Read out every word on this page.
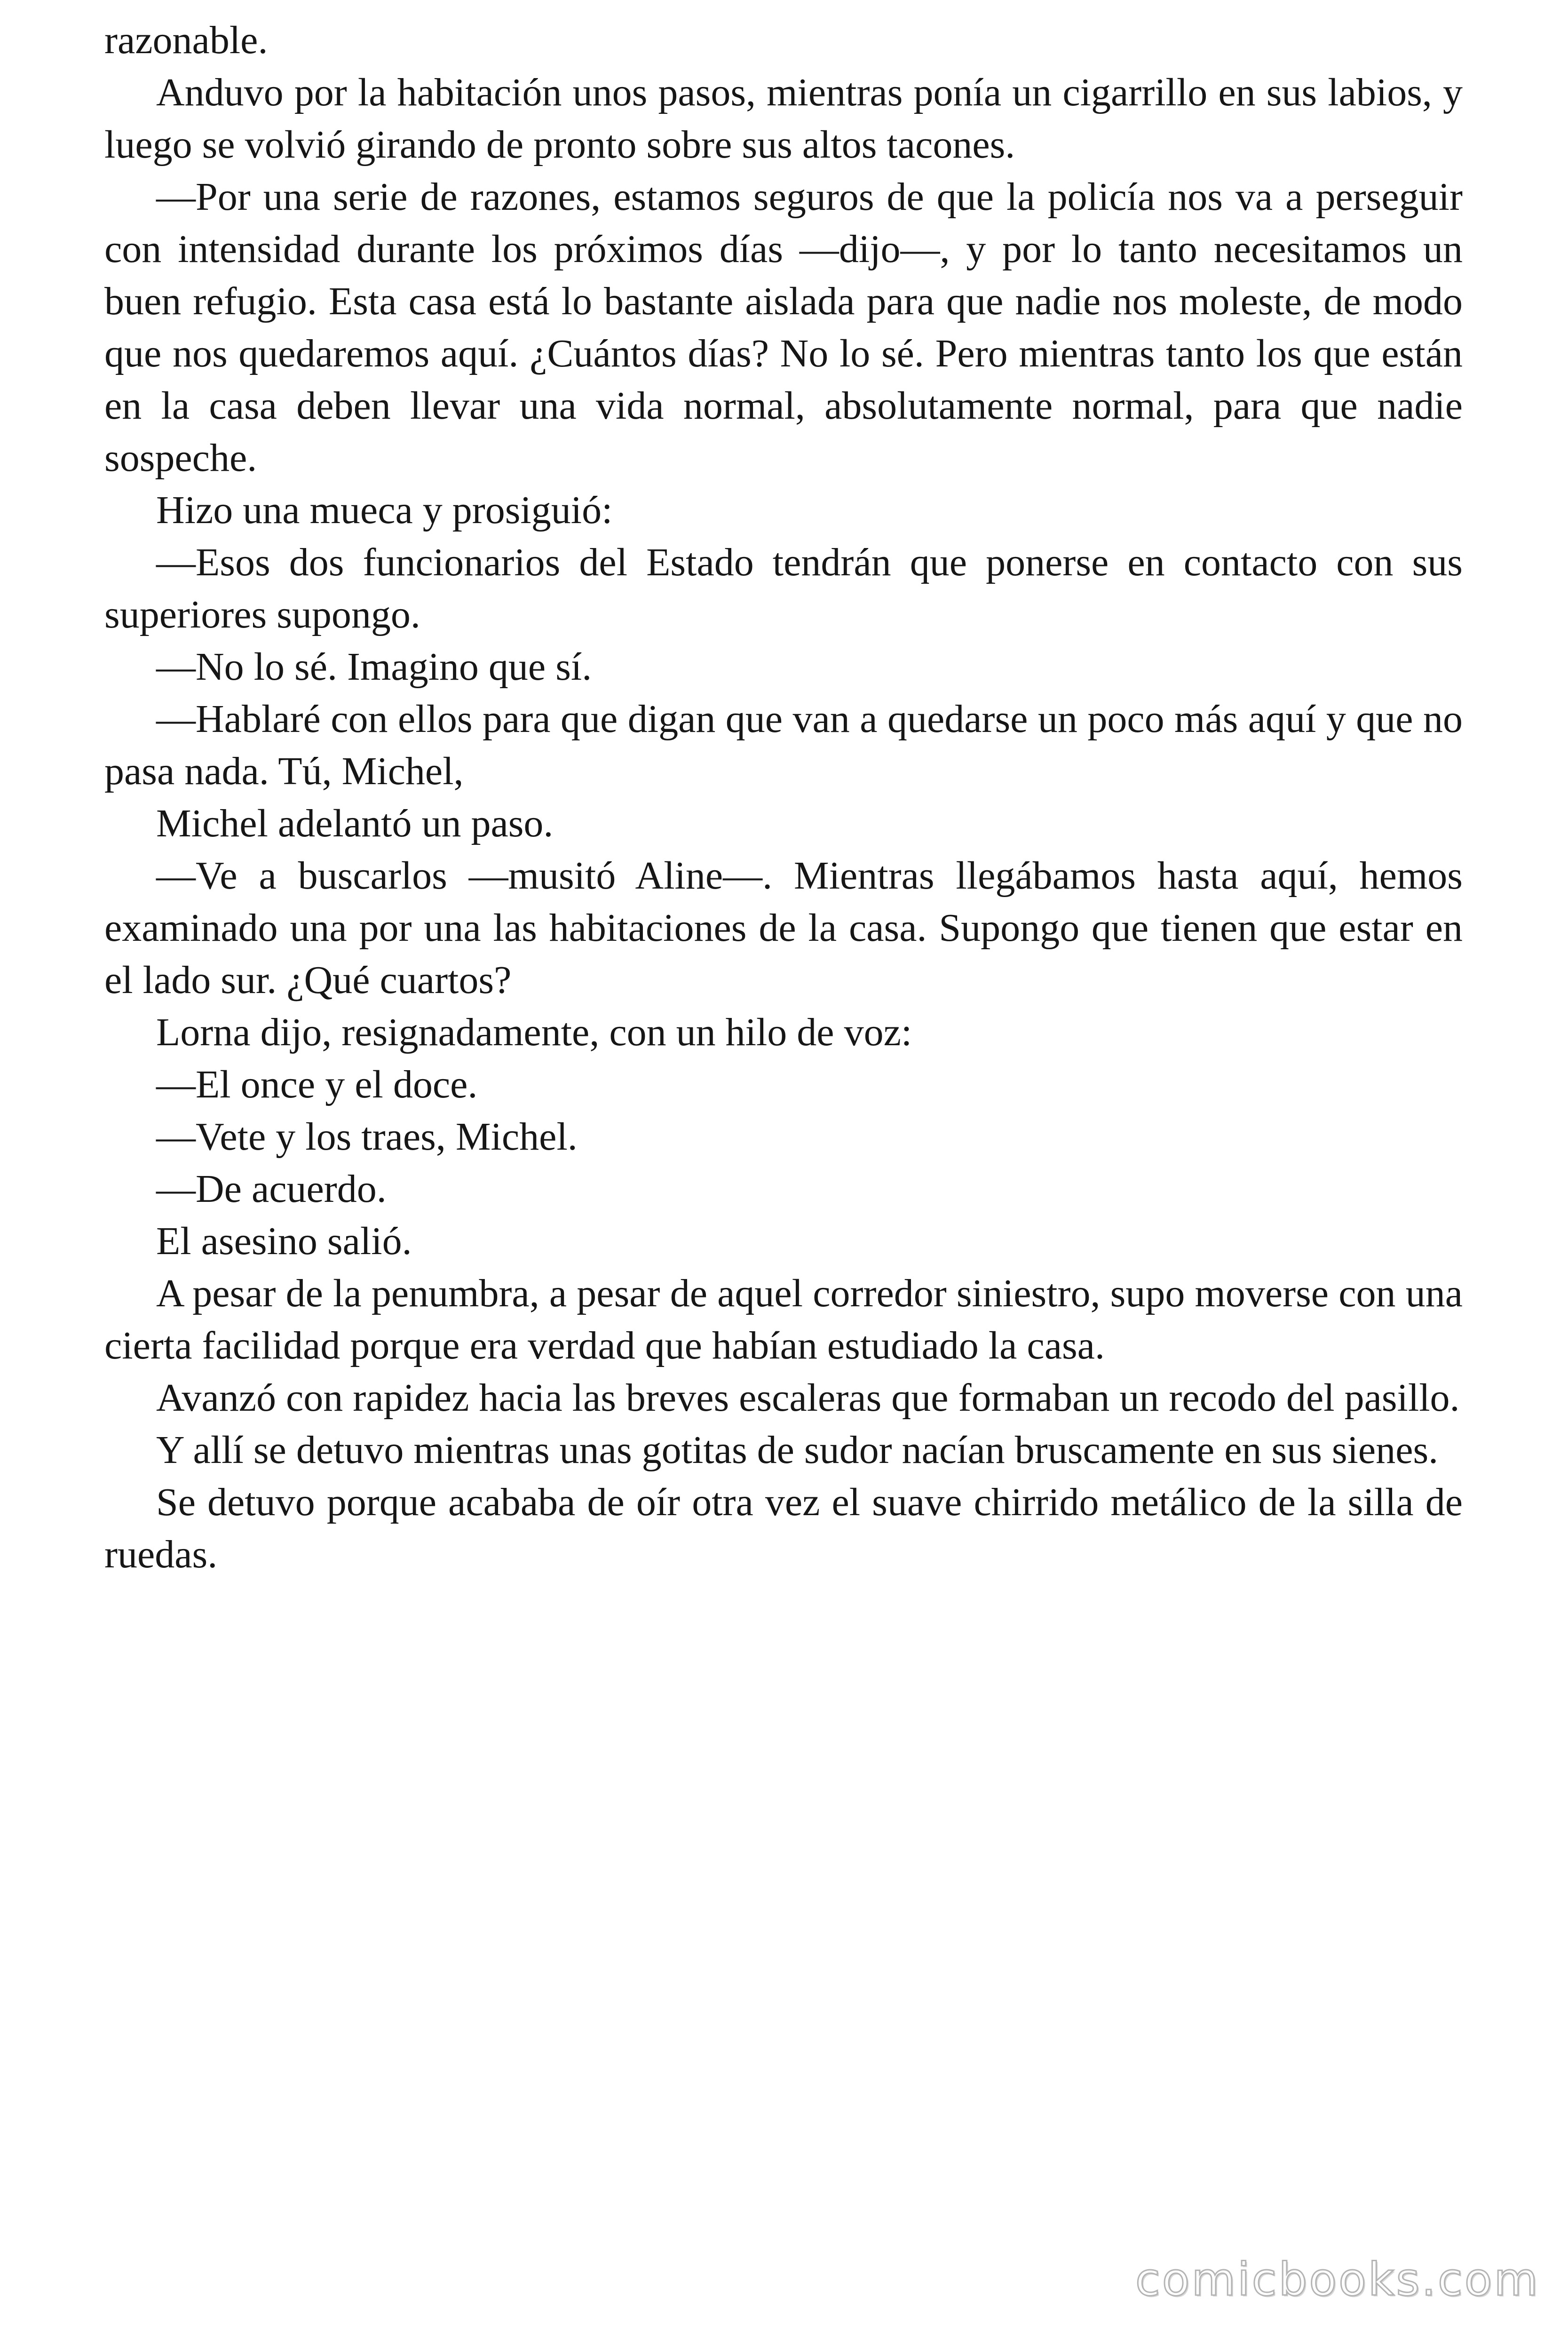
razonable.

Anduvo por la habitación unos pasos, mientras ponía un cigarrillo en sus labios, y luego se volvió girando de pronto sobre sus altos tacones.

—Por una serie de razones, estamos seguros de que la policía nos va a perseguir con intensidad durante los próximos días —dijo—, y por lo tanto necesitamos un buen refugio. Esta casa está lo bastante aislada para que nadie nos moleste, de modo que nos quedaremos aquí. ¿Cuántos días? No lo sé. Pero mientras tanto los que están en la casa deben llevar una vida normal, absolutamente normal, para que nadie sospeche.

Hizo una mueca y prosiguió:

—Esos dos funcionarios del Estado tendrán que ponerse en contacto con sus superiores supongo.

—No lo sé. Imagino que sí.

—Hablaré con ellos para que digan que van a quedarse un poco más aquí y que no pasa nada. Tú, Michel,

Michel adelantó un paso.

—Ve a buscarlos —musitó Aline—. Mientras llegábamos hasta aquí, hemos examinado una por una las habitaciones de la casa. Supongo que tienen que estar en el lado sur. ¿Qué cuartos?

Lorna dijo, resignadamente, con un hilo de voz:

—El once y el doce.

—Vete y los traes, Michel.

—De acuerdo.

El asesino salió.

A pesar de la penumbra, a pesar de aquel corredor siniestro, supo moverse con una cierta facilidad porque era verdad que habían estudiado la casa.

Avanzó con rapidez hacia las breves escaleras que formaban un recodo del pasillo.

Y allí se detuvo mientras unas gotitas de sudor nacían bruscamente en sus sienes.

Se detuvo porque acababa de oír otra vez el suave chirrido metálico de la silla de ruedas.

comicbooks.com
